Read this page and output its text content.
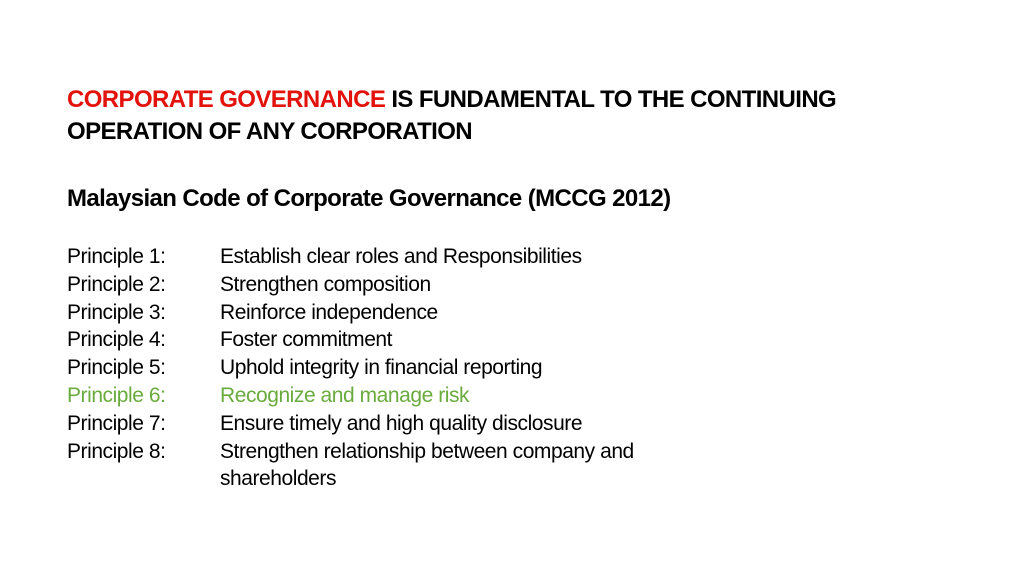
CORPORATE GOVERNANCE IS FUNDAMENTAL TO THE CONTINUING
OPERATION OF ANY CORPORATION
Malaysian Code of Corporate Governance (MCCG 2012)
Principle 1:	Establish clear roles and Responsibilities
Principle 2:	Strengthen composition
Principle 3:	Reinforce independence
Principle 4:	Foster commitment
Principle 5:	Uphold integrity in financial reporting
Principle 6:	Recognize and manage risk
Principle 7:	Ensure timely and high quality disclosure
Principle 8:	Strengthen relationship between company and
shareholders
